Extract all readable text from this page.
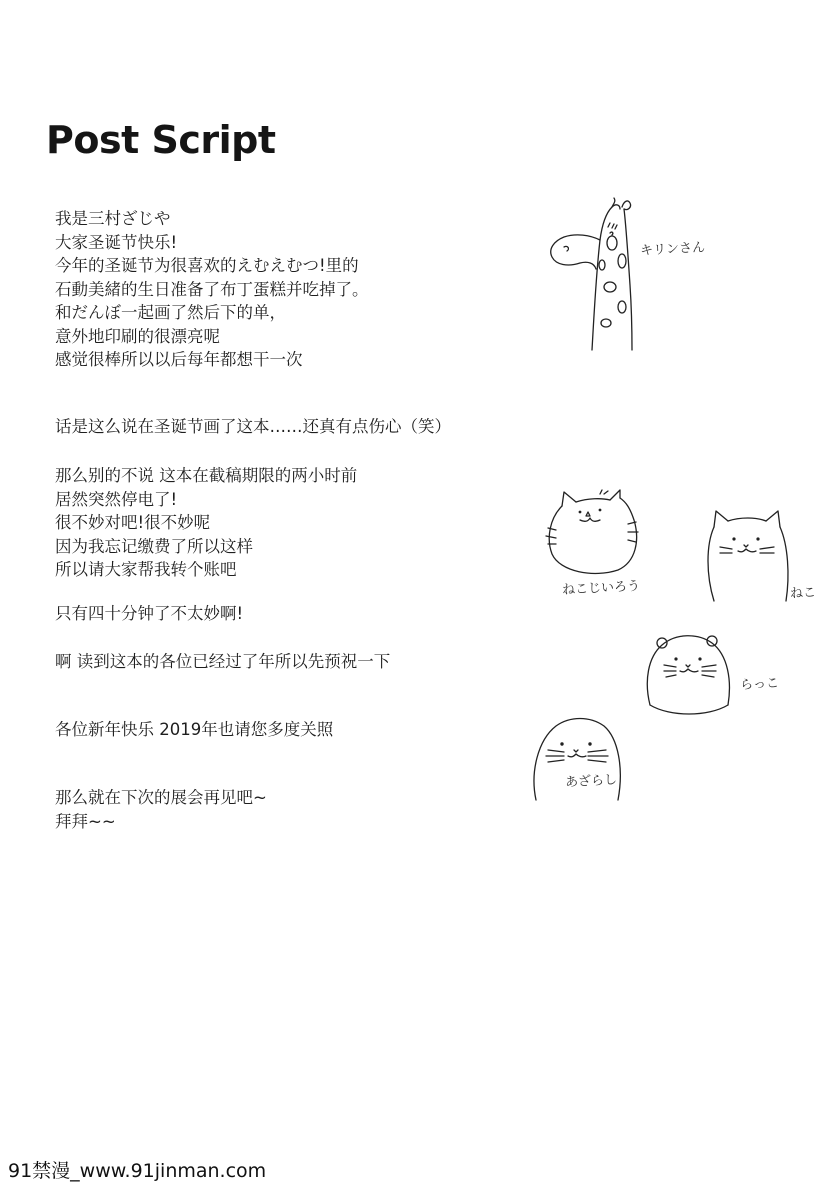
Post Script
我是三村ざじや
大家圣诞节快乐!
今年的圣诞节为很喜欢的えむえむつ!里的
石動美緒的生日准备了布丁蛋糕并吃掉了。
和だんぼ一起画了然后下的单，
意外地印刷的很漂亮呢
感觉很棒所以以后每年都想干一次
话是这么说在圣诞节画了这本……还真有点伤心（笑）
那么别的不说 这本在截稿期限的两小时前
居然突然停电了!
很不妙对吧!很不妙呢
因为我忘记缴费了所以这样
所以请大家帮我转个账吧
只有四十分钟了不太妙啊!
啊 读到这本的各位已经过了年所以先预祝一下
各位新年快乐 2019年也请您多度关照
那么就在下次的展会再见吧~
拜拜~~
キリンさん
ねこじいろう	ねこ
らっこ
あざらし
91禁漫_www.91jinman.com
